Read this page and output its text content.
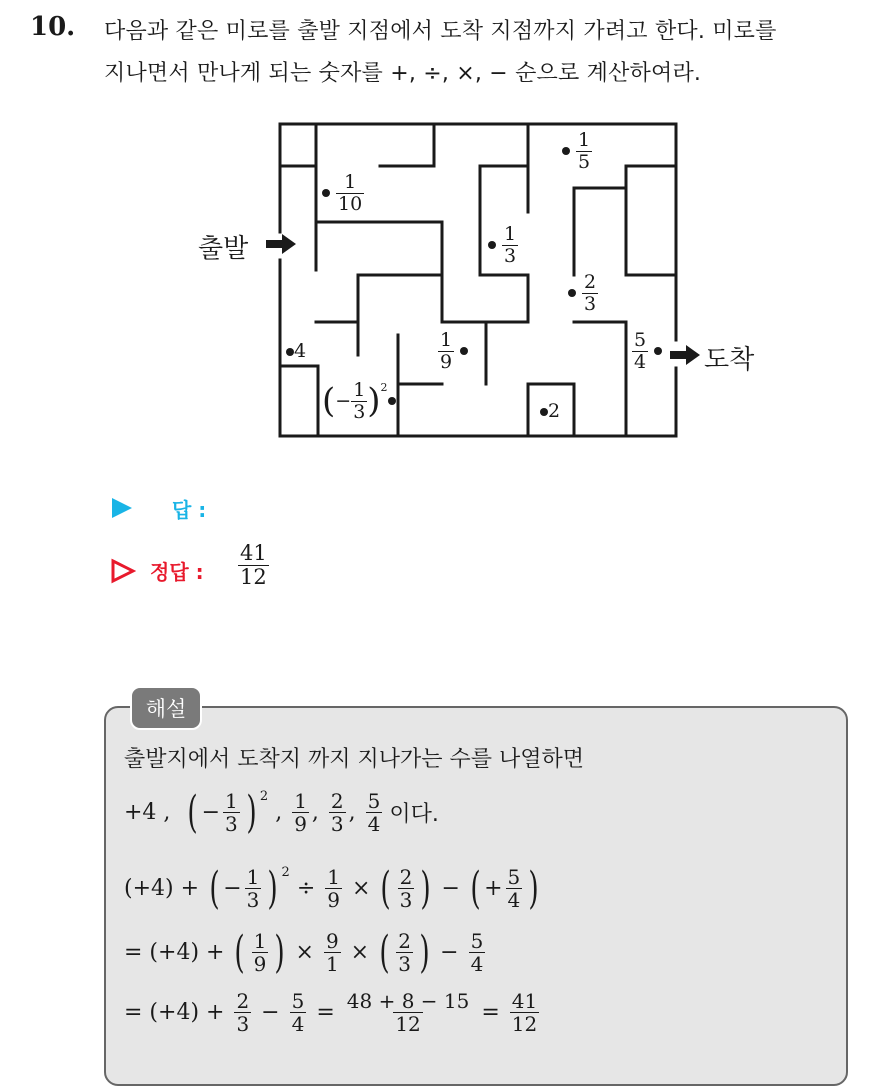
10. 다음과 같은 미로를 출발 지점에서 도착 지점까지 가려고 한다. 미로를
지나면서 만나게 되는 숫자를 +, ÷, ×, − 순으로 계산하여라.
출발
도착

$\frac{1}{10}$

$\frac{1}{5}$

$\frac{1}{3}$

$\frac{2}{3}$
4	$\frac{1}{9}$
	$\frac{5}{4}$

( − $\frac{1}{3}$ ) 2
2
답 :
정답 : $\frac{41}{12}$
해설
출발지에서 도착지 까지 지나가는 수를 나열하면
+4 , ( − $\frac{1}{3}$ ) $^2$
, $\frac{1}{9}$ , $\frac{2}{3}$ , $\frac{5}{4}$ 이다.
(+4) + ( − $\frac{1}{3}$ ) $^2$
÷ $\frac{1}{9}$ × ( $\frac{2}{3}$ ) − ( + $\frac{5}{4}$ )
= (+4) + ( $\frac{1}{9}$ ) × $\frac{9}{1}$ × ( $\frac{2}{3}$ ) − $\frac{5}{4}$
= $(+4) + \frac{2}{3} - \frac{5}{4} = \frac{48 + 8 - 15}{12} = \frac{41}{12}$
